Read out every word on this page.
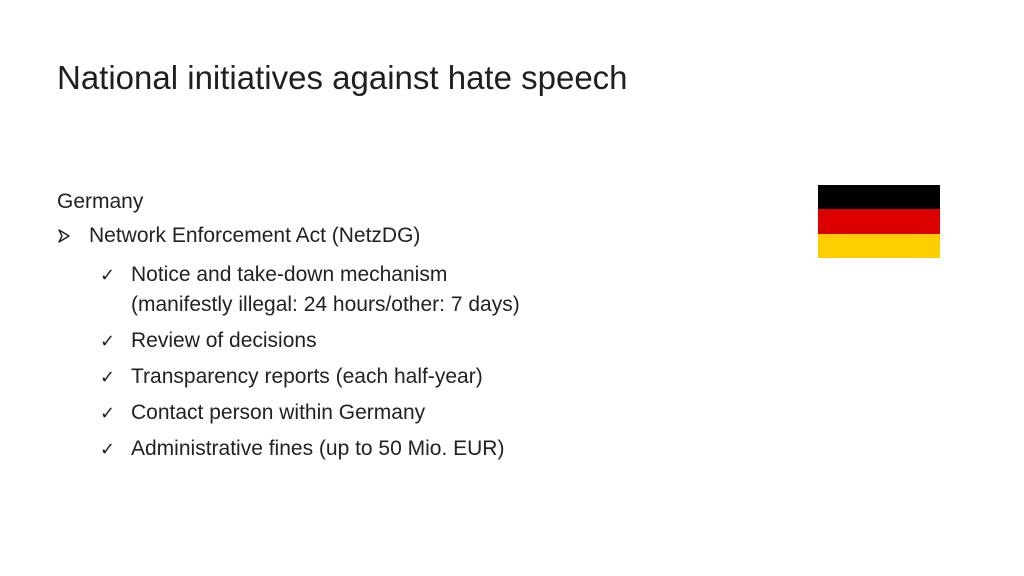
National initiatives against hate speech
Germany
Network Enforcement Act (NetzDG)
✓ Notice and take-down mechanism
(manifestly illegal: 24 hours/other: 7 days)
✓ Review of decisions
✓ Transparency reports (each half-year)
✓ Contact person within Germany
✓ Administrative fines (up to 50 Mio. EUR)
